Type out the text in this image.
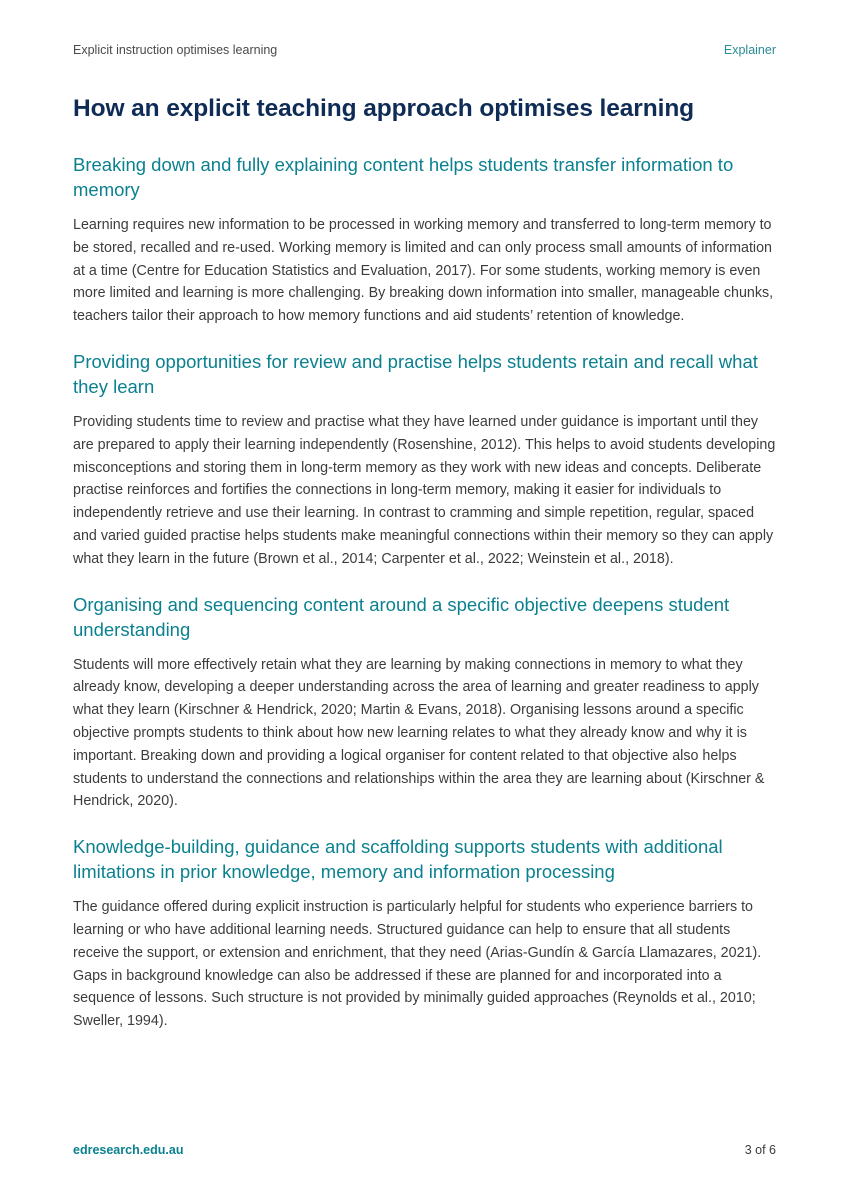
Explicit instruction optimises learning	Explainer
How an explicit teaching approach optimises learning
Breaking down and fully explaining content helps students transfer information to memory

Learning requires new information to be processed in working memory and transferred to long-term memory to be stored, recalled and re-used. Working memory is limited and can only process small amounts of information at a time (Centre for Education Statistics and Evaluation, 2017). For some students, working memory is even more limited and learning is more challenging. By breaking down information into smaller, manageable chunks, teachers tailor their approach to how memory functions and aid students’ retention of knowledge.

Providing opportunities for review and practise helps students retain and recall what they learn

Providing students time to review and practise what they have learned under guidance is important until they are prepared to apply their learning independently (Rosenshine, 2012). This helps to avoid students developing misconceptions and storing them in long-term memory as they work with new ideas and concepts. Deliberate practise reinforces and fortifies the connections in long-term memory, making it easier for individuals to independently retrieve and use their learning. In contrast to cramming and simple repetition, regular, spaced and varied guided practise helps students make meaningful connections within their memory so they can apply what they learn in the future (Brown et al., 2014; Carpenter et al., 2022; Weinstein et al., 2018).

Organising and sequencing content around a specific objective deepens student understanding

Students will more effectively retain what they are learning by making connections in memory to what they already know, developing a deeper understanding across the area of learning and greater readiness to apply what they learn (Kirschner & Hendrick, 2020; Martin & Evans, 2018). Organising lessons around a specific objective prompts students to think about how new learning relates to what they already know and why it is important. Breaking down and providing a logical organiser for content related to that objective also helps students to understand the connections and relationships within the area they are learning about (Kirschner & Hendrick, 2020).

Knowledge-building, guidance and scaffolding supports students with additional limitations in prior knowledge, memory and information processing

The guidance offered during explicit instruction is particularly helpful for students who experience barriers to learning or who have additional learning needs. Structured guidance can help to ensure that all students receive the support, or extension and enrichment, that they need (Arias-Gundín & García Llamazares, 2021). Gaps in background knowledge can also be addressed if these are planned for and incorporated into a sequence of lessons. Such structure is not provided by minimally guided approaches (Reynolds et al., 2010; Sweller, 1994).

edresearch.edu.au	3 of 6
